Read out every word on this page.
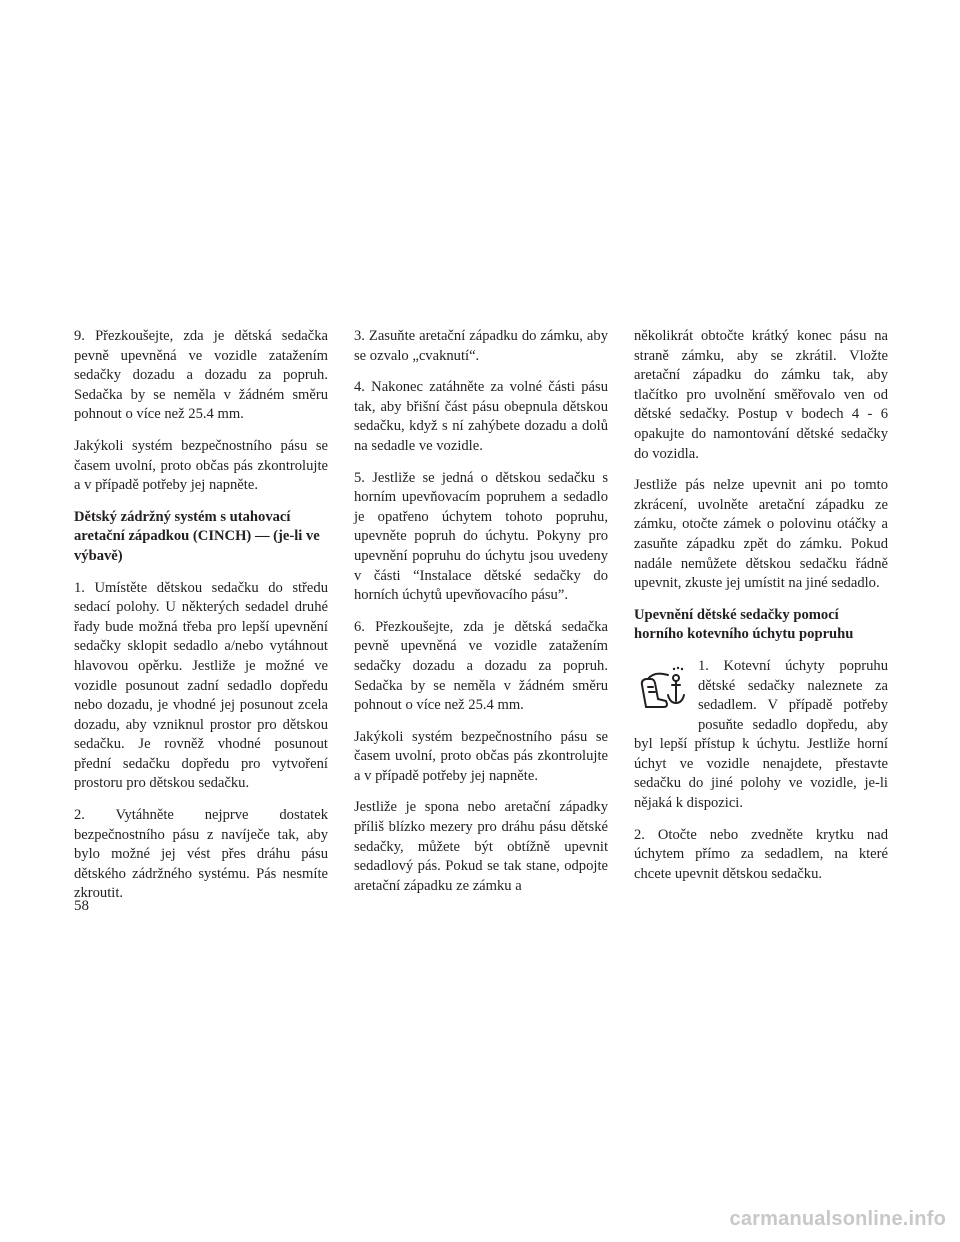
9. Přezkoušejte, zda je dětská sedačka pevně upevněná ve vozidle zatažením sedačky dozadu a dozadu za popruh. Sedačka by se neměla v žádném směru pohnout o více než 25.4 mm.

Jakýkoli systém bezpečnostního pásu se časem uvolní, proto občas pás zkontrolujte a v případě potřeby jej napněte.

Dětský zádržný systém s utahovací aretační západkou (CINCH) — (je-li ve výbavě)

1. Umístěte dětskou sedačku do středu sedací polohy. U některých sedadel druhé řady bude možná třeba pro lepší upevnění sedačky sklopit sedadlo a/nebo vytáhnout hlavovou opěrku. Jestliže je možné ve vozidle posunout zadní sedadlo dopředu nebo dozadu, je vhodné jej posunout zcela dozadu, aby vzniknul prostor pro dětskou sedačku. Je rovněž vhodné posunout přední sedačku dopředu pro vytvoření prostoru pro dětskou sedačku.

2. Vytáhněte nejprve dostatek bezpečnostního pásu z navíječe tak, aby bylo možné jej vést přes dráhu pásu dětského zádržného systému. Pás nesmíte zkroutit.

3. Zasuňte aretační západku do zámku, aby se ozvalo „cvaknutí“.

4. Nakonec zatáhněte za volné části pásu tak, aby břišní část pásu obepnula dětskou sedačku, když s ní zahýbete dozadu a dolů na sedadle ve vozidle.

5. Jestliže se jedná o dětskou sedačku s horním upevňovacím popruhem a sedadlo je opatřeno úchytem tohoto popruhu, upevněte popruh do úchytu. Pokyny pro upevnění popruhu do úchytu jsou uvedeny v části “Instalace dětské sedačky do horních úchytů upevňovacího pásu”.

6. Přezkoušejte, zda je dětská sedačka pevně upevněná ve vozidle zatažením sedačky dozadu a dozadu za popruh. Sedačka by se neměla v žádném směru pohnout o více než 25.4 mm.

Jakýkoli systém bezpečnostního pásu se časem uvolní, proto občas pás zkontrolujte a v případě potřeby jej napněte.

Jestliže je spona nebo aretační západky příliš blízko mezery pro dráhu pásu dětské sedačky, můžete být obtížně upevnit sedadlový pás. Pokud se tak stane, odpojte aretační západku ze zámku a

několikrát obtočte krátký konec pásu na straně zámku, aby se zkrátil. Vložte aretační západku do zámku tak, aby tlačítko pro uvolnění směřovalo ven od dětské sedačky. Postup v bodech 4 - 6 opakujte do namontování dětské sedačky do vozidla.

Jestliže pás nelze upevnit ani po tomto zkrácení, uvolněte aretační západku ze zámku, otočte zámek o polovinu otáčky a zasuňte západku zpět do zámku. Pokud nadále nemůžete dětskou sedačku řádně upevnit, zkuste jej umístit na jiné sedadlo.

Upevnění dětské sedačky pomocí horního kotevního úchytu popruhu

1. Kotevní úchyty popruhu dětské sedačky naleznete za sedadlem. V případě potřeby posuňte sedadlo dopředu, aby byl lepší přístup k úchytu. Jestliže horní úchyt ve vozidle nenajdete, přestavte sedačku do jiné polohy ve vozidle, je-li nějaká k dispozici.

2. Otočte nebo zvedněte krytku nad úchytem přímo za sedadlem, na které chcete upevnit dětskou sedačku.

58
carmanualsonline.info
